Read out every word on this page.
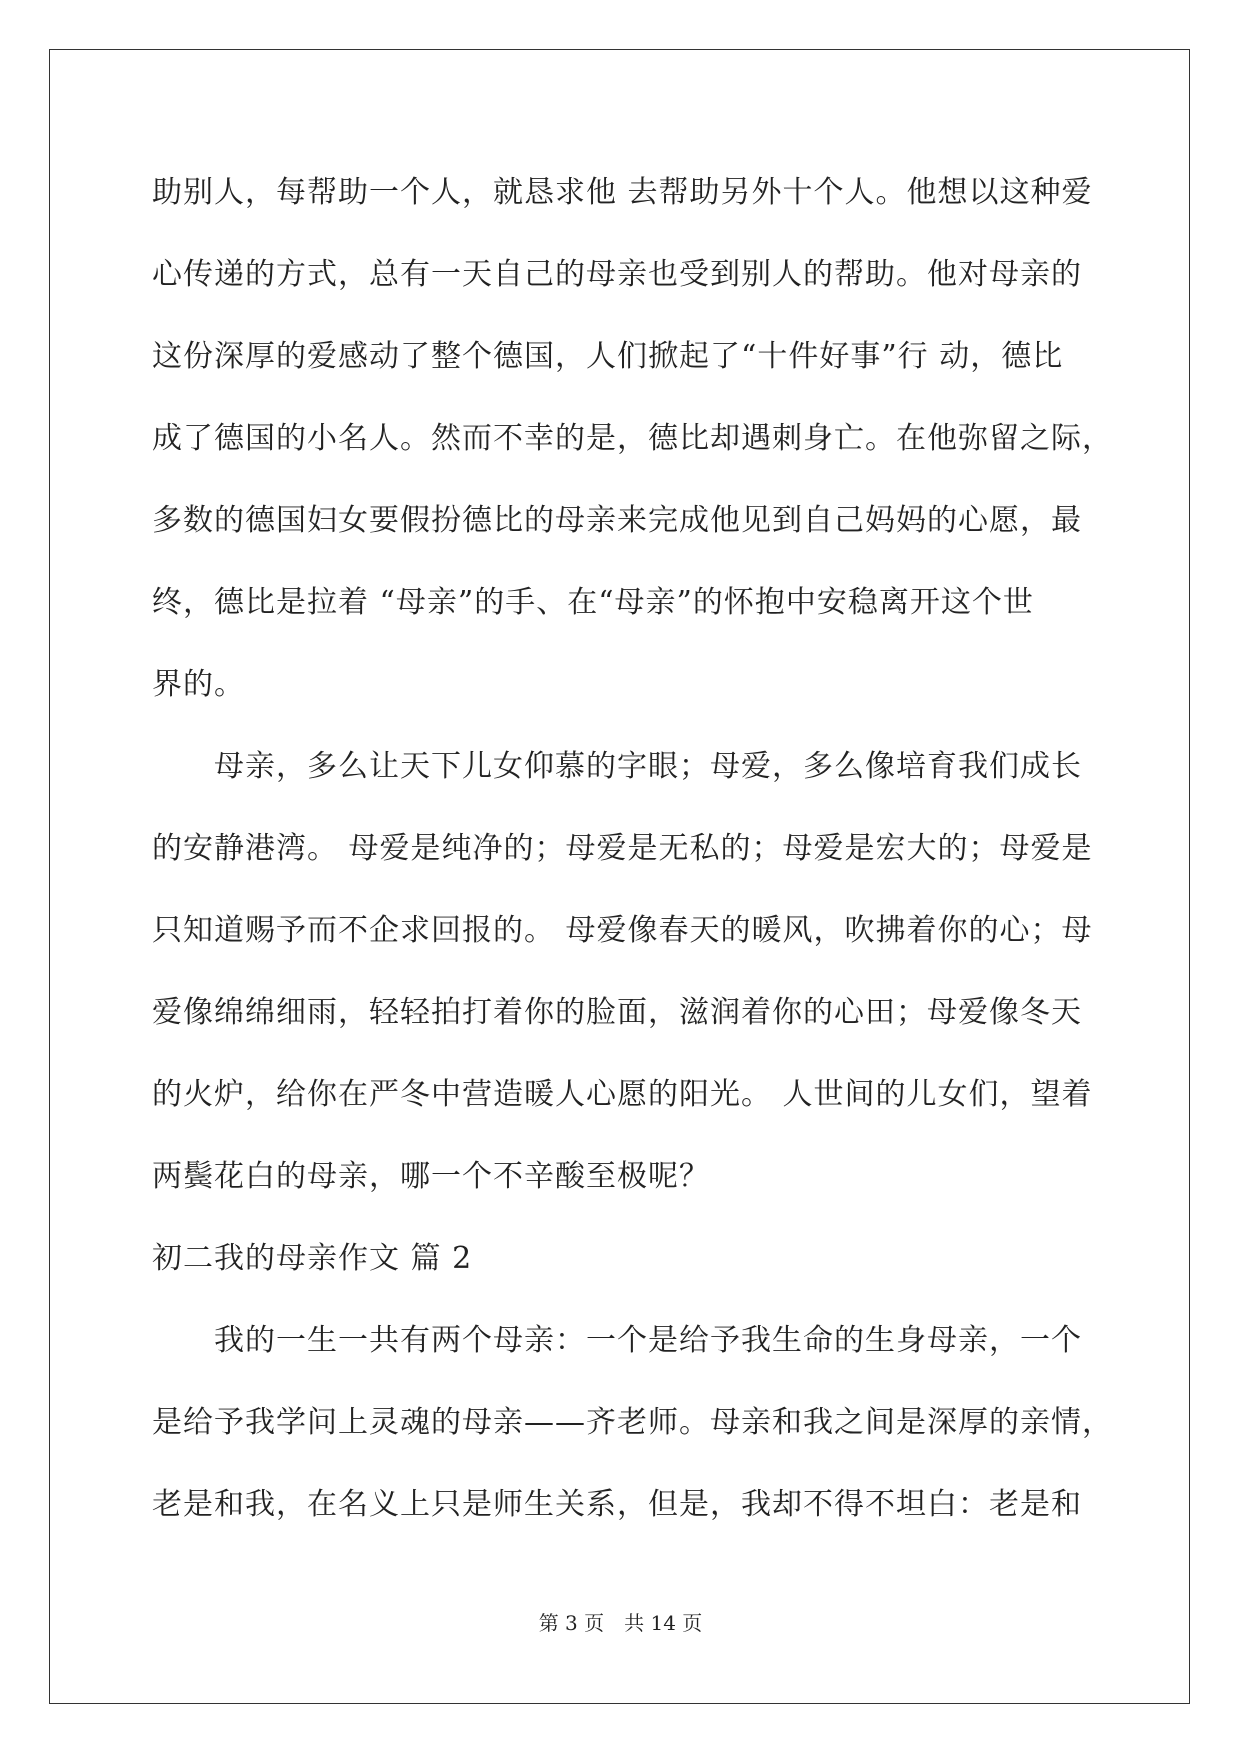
助别人，每帮助一个人，就恳求他 去帮助另外十个人。他想以这种爱
心传递的方式，总有一天自己的母亲也受到别人的帮助。他对母亲的
这份深厚的爱感动了整个德国，人们掀起了“十件好事”行 动，德比
成了德国的小名人。然而不幸的是，德比却遇刺身亡。在他弥留之际，
多数的德国妇女要假扮德比的母亲来完成他见到自己妈妈的心愿，最
终，德比是拉着 “母亲”的手、在“母亲”的怀抱中安稳离开这个世
界的。
　　母亲，多么让天下儿女仰慕的字眼；母爱，多么像培育我们成长
的安静港湾。 母爱是纯净的；母爱是无私的；母爱是宏大的；母爱是
只知道赐予而不企求回报的。 母爱像春天的暖风，吹拂着你的心；母
爱像绵绵细雨，轻轻拍打着你的脸面，滋润着你的心田；母爱像冬天
的火炉，给你在严冬中营造暖人心愿的阳光。 人世间的儿女们，望着
两鬓花白的母亲，哪一个不辛酸至极呢？
初二我的母亲作文 篇 2
　　我的一生一共有两个母亲：一个是给予我生命的生身母亲，一个
是给予我学问上灵魂的母亲——齐老师。母亲和我之间是深厚的亲情，
老是和我，在名义上只是师生关系，但是，我却不得不坦白：老是和
第 3 页　共 14 页
